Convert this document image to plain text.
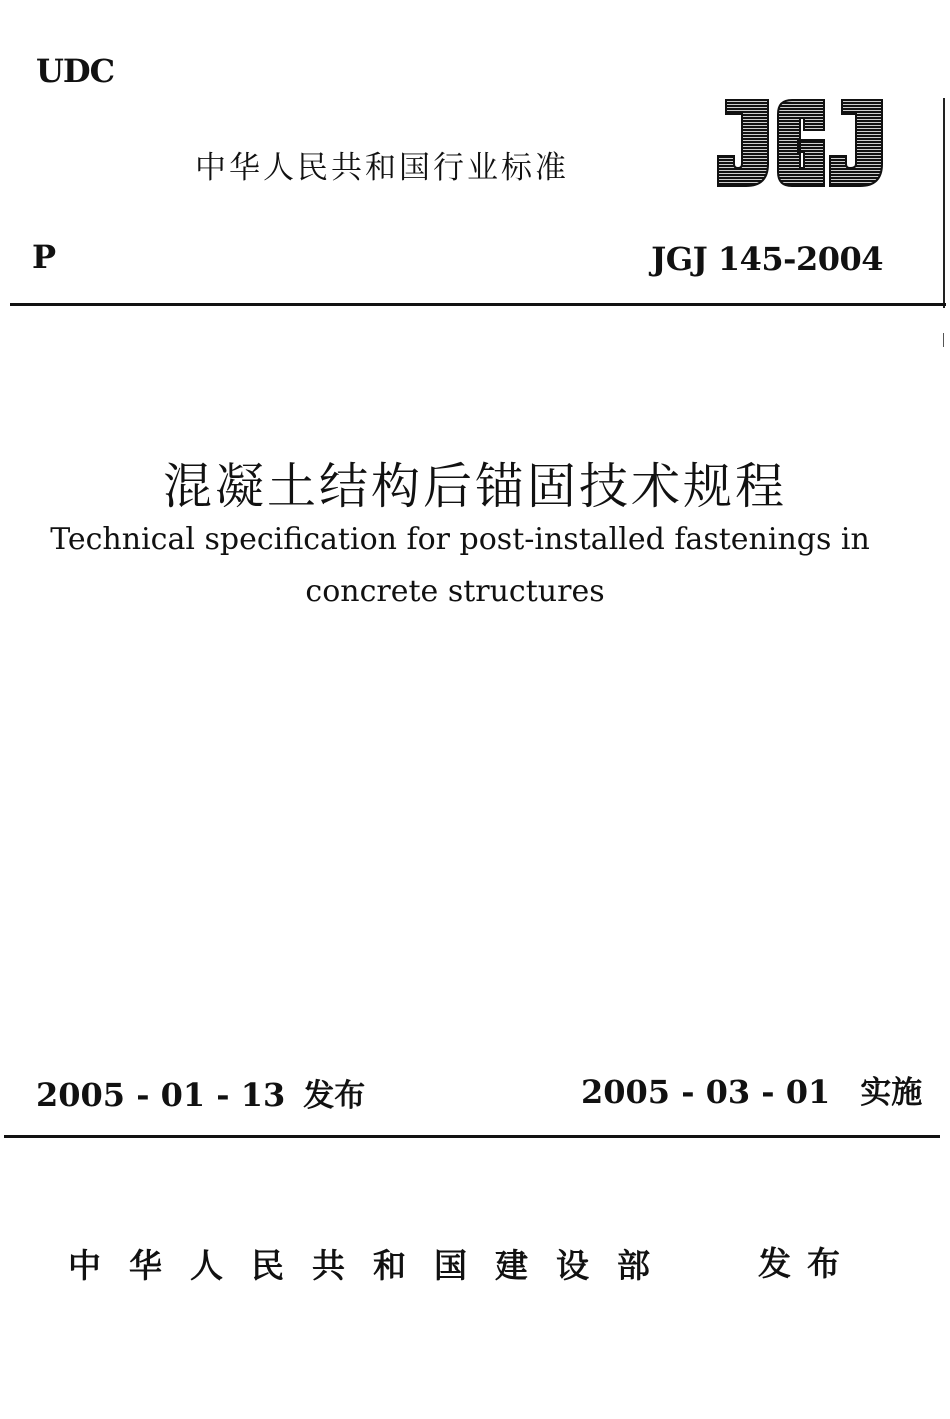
UDC
中华人民共和国行业标准
P	JGJ 145-2004
混凝土结构后锚固技术规程
Technical specification for post-installed fastenings in
concrete structures
2005 - 01 - 13 发布	2005 - 03 - 01 实施
中华人民共和国建设部 发布
